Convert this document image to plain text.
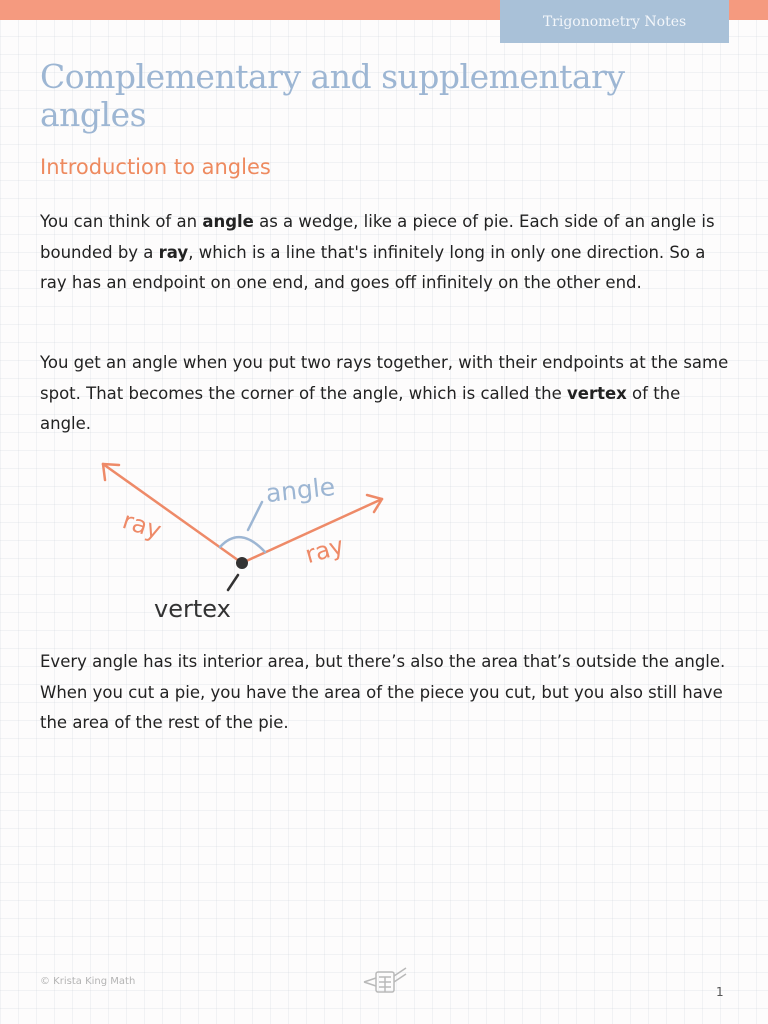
Trigonometry Notes
Complementary and supplementary angles
Introduction to angles

You can think of an angle as a wedge, like a piece of pie. Each side of an angle is bounded by a ray, which is a line that's infinitely long in only one direction. So a ray has an endpoint on one end, and goes off infinitely on the other end.

You get an angle when you put two rays together, with their endpoints at the same spot. That becomes the corner of the angle, which is called the vertex of the angle.

ray
ray
angle
vertex

Every angle has its interior area, but there’s also the area that’s outside the angle. When you cut a pie, you have the area of the piece you cut, but you also still have the area of the rest of the pie.

© Krista King Math
1
